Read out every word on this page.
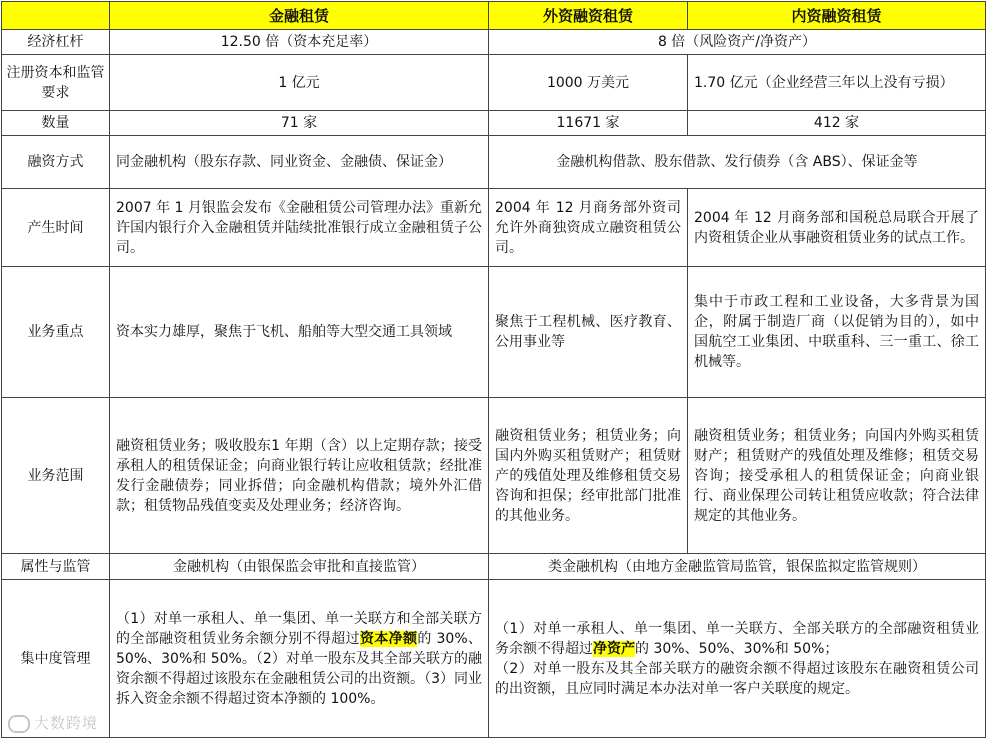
	金融租赁	外资融资租赁	内资融资租赁
经济杠杆	12.50 倍（资本充足率）	8 倍（风险资产/净资产）	
注册资本和监管要求	1 亿元	1000 万美元	1.70 亿元（企业经营三年以上没有亏损）
数量	71 家	11671 家	412 家
融资方式	同金融机构（股东存款、同业资金、金融债、保证金）	金融机构借款、股东借款、发行债券（含 ABS）、保证金等	
产生时间	2007 年 1 月银监会发布《金融租赁公司管理办法》重新允许国内银行介入金融租赁并陆续批准银行成立金融租赁子公司。	2004 年 12 月商务部外资司允许外商独资成立融资租赁公司。	2004 年 12 月商务部和国税总局联合开展了内资租赁企业从事融资租赁业务的试点工作。
业务重点	资本实力雄厚，聚焦于飞机、船舶等大型交通工具领域	聚焦于工程机械、医疗教育、公用事业等	集中于市政工程和工业设备，大多背景为国企，附属于制造厂商（以促销为目的），如中国航空工业集团、中联重科、三一重工、徐工机械等。
业务范围	融资租赁业务；吸收股东1 年期（含）以上定期存款；接受承租人的租赁保证金；向商业银行转让应收租赁款；经批准发行金融债券；同业拆借；向金融机构借款；境外外汇借款；租赁物品残值变卖及处理业务；经济咨询。	融资租赁业务；租赁业务；向国内外购买租赁财产；租赁财产的残值处理及维修租赁交易咨询和担保；经审批部门批准的其他业务。	融资租赁业务；租赁业务；向国内外购买租赁财产；租赁财产的残值处理及维修；租赁交易咨询；接受承租人的租赁保证金；向商业银行、商业保理公司转让租赁应收款；符合法律规定的其他业务。
属性与监管	金融机构（由银保监会审批和直接监管）	类金融机构（由地方金融监管局监管，银保监拟定监管规则）	
集中度管理	（1）对单一承租人、单一集团、单一关联方和全部关联方的全部融资租赁业务余额分别不得超过资本净额的 30%、50%、30%和 50%。（2）对单一股东及其全部关联方的融资余额不得超过该股东在金融租赁公司的出资额。（3）同业拆入资金余额不得超过资本净额的 100%。	（1）对单一承租人、单一集团、单一关联方、全部关联方的全部融资租赁业务余额不得超过净资产的 30%、50%、30%和 50%；
（2）对单一股东及其全部关联方的融资余额不得超过该股东在融资租赁公司的出资额，且应同时满足本办法对单一客户关联度的规定。	
大数跨境
